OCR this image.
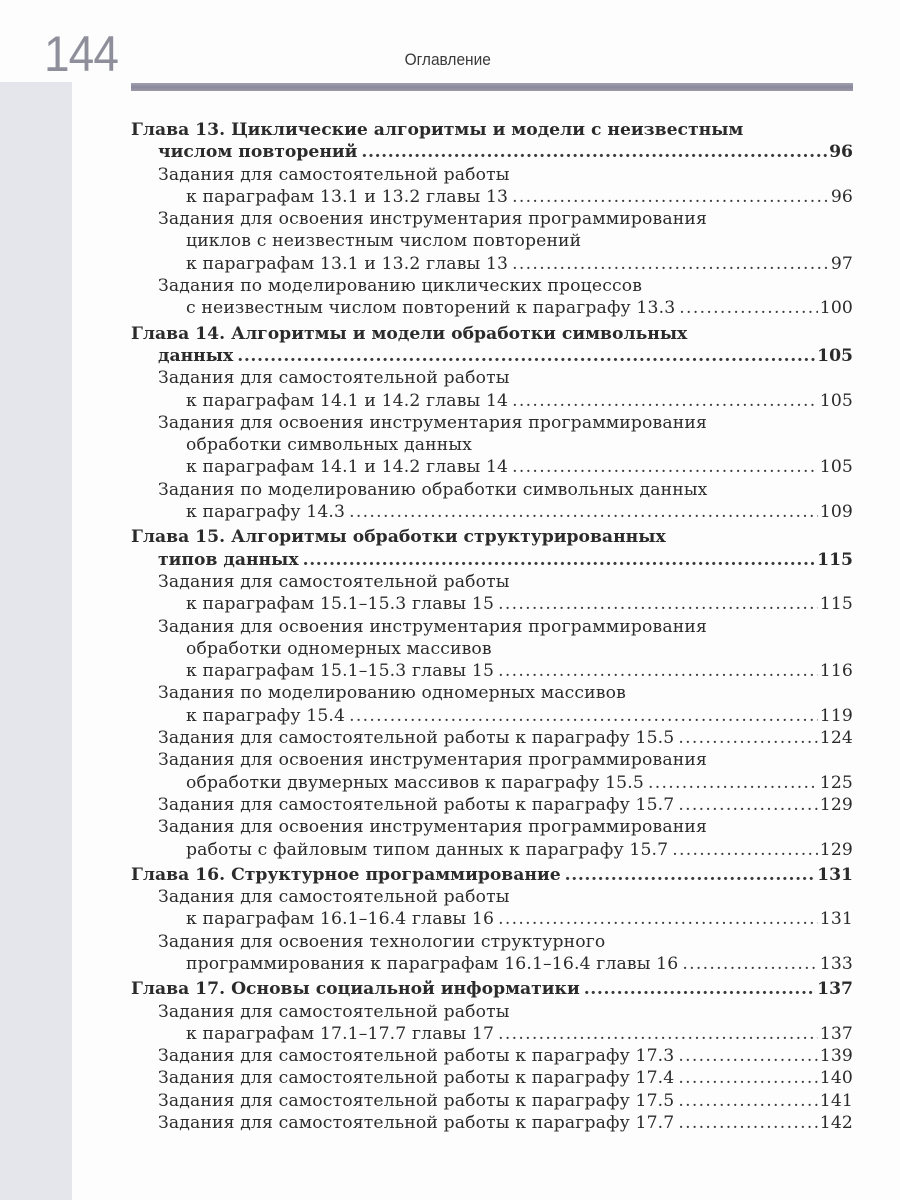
144	Оглавление
Глава 13. Циклические алгоритмы и модели с неизвестным
числом повторений .....	96
Задания для самостоятельной работы
к параграфам 13.1 и 13.2 главы 13 .....	96
Задания для освоения инструментария программирования
циклов с неизвестным числом повторений
к параграфам 13.1 и 13.2 главы 13 .....	97
Задания по моделированию циклических процессов
с неизвестным числом повторений к параграфу 13.3 .....	100
Глава 14. Алгоритмы и модели обработки символьных
данных .....	105
Задания для самостоятельной работы
к параграфам 14.1 и 14.2 главы 14 .....	105
Задания для освоения инструментария программирования
обработки символьных данных
к параграфам 14.1 и 14.2 главы 14 .....	105
Задания по моделированию обработки символьных данных
к параграфу 14.3 .....	109
Глава 15. Алгоритмы обработки структурированных
типов данных .....	115
Задания для самостоятельной работы
к параграфам 15.1–15.3 главы 15 .....	115
Задания для освоения инструментария программирования
обработки одномерных массивов
к параграфам 15.1–15.3 главы 15 .....	116
Задания по моделированию одномерных массивов
к параграфу 15.4 .....	119
Задания для самостоятельной работы к параграфу 15.5 .....	124
Задания для освоения инструментария программирования
обработки двумерных массивов к параграфу 15.5 .....	125
Задания для самостоятельной работы к параграфу 15.7 .....	129
Задания для освоения инструментария программирования
работы с файловым типом данных к параграфу 15.7 .....	129
Глава 16. Структурное программирование .....	131
Задания для самостоятельной работы
к параграфам 16.1–16.4 главы 16 .....	131
Задания для освоения технологии структурного
программирования к параграфам 16.1–16.4 главы 16 .....	133
Глава 17. Основы социальной информатики .....	137
Задания для самостоятельной работы
к параграфам 17.1–17.7 главы 17 .....	137
Задания для самостоятельной работы к параграфу 17.3 .....	139
Задания для самостоятельной работы к параграфу 17.4 .....	140
Задания для самостоятельной работы к параграфу 17.5 .....	141
Задания для самостоятельной работы к параграфу 17.7 .....	142
